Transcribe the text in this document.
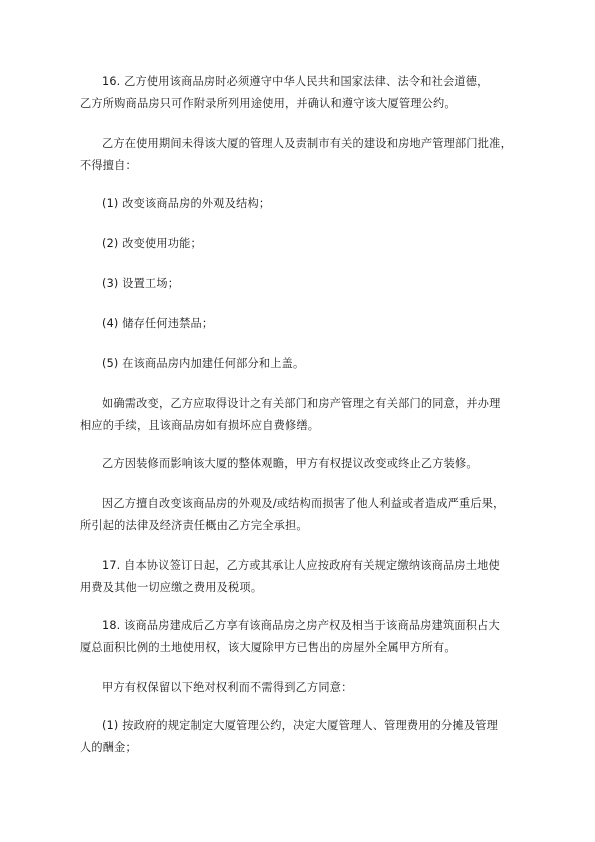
16. 乙方使用该商品房时必须遵守中华人民共和国家法律、法令和社会道德，
乙方所购商品房只可作附录所列用途使用，并确认和遵守该大厦管理公约。
乙方在使用期间未得该大厦的管理人及责制市有关的建设和房地产管理部门批准，
不得擅自：
(1) 改变该商品房的外观及结构；
(2) 改变使用功能；
(3) 设置工场；
(4) 储存任何违禁品；
(5) 在该商品房内加建任何部分和上盖。
如确需改变，乙方应取得设计之有关部门和房产管理之有关部门的同意，并办理
相应的手续，且该商品房如有损坏应自费修缮。
乙方因装修而影响该大厦的整体观瞻，甲方有权提议改变或终止乙方装修。
因乙方擅自改变该商品房的外观及/或结构而损害了他人利益或者造成严重后果，
所引起的法律及经济责任概由乙方完全承担。
17. 自本协议签订日起，乙方或其承让人应按政府有关规定缴纳该商品房土地使
用费及其他一切应缴之费用及税项。
18. 该商品房建成后乙方享有该商品房之房产权及相当于该商品房建筑面积占大
厦总面积比例的土地使用权，该大厦除甲方已售出的房屋外全属甲方所有。
甲方有权保留以下绝对权利而不需得到乙方同意：
(1) 按政府的规定制定大厦管理公约，决定大厦管理人、管理费用的分摊及管理
人的酬金；
